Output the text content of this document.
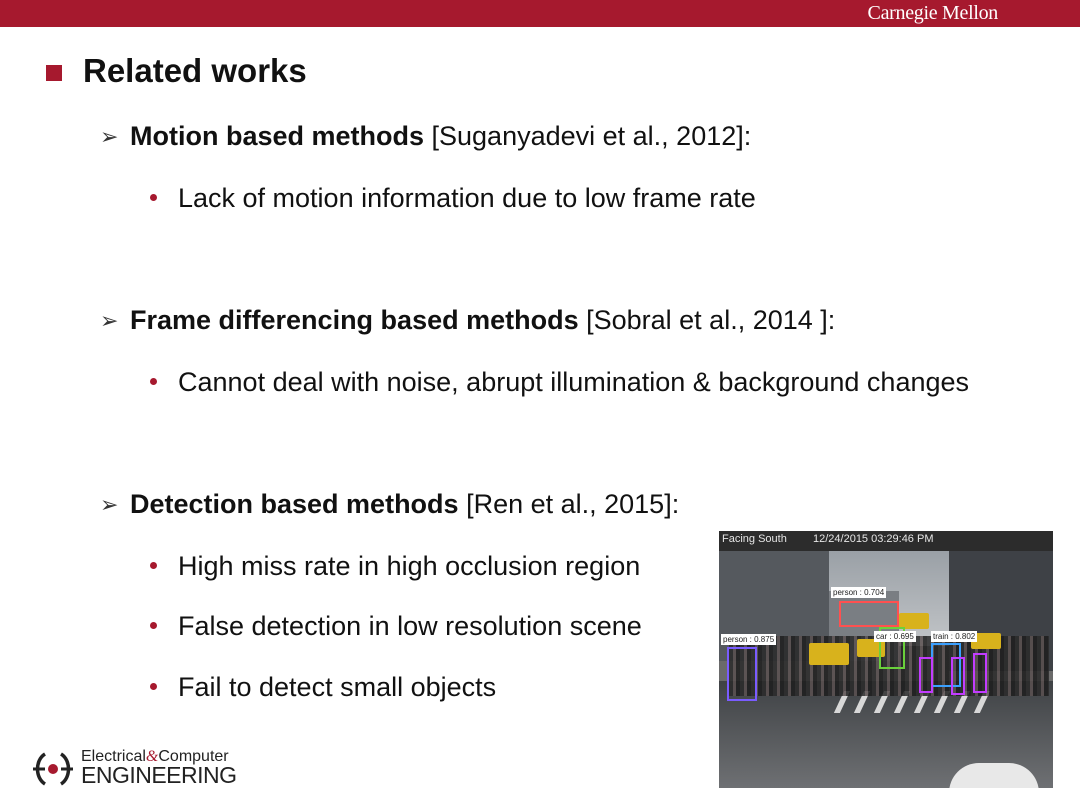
Carnegie Mellon
Related works
➢ Motion based methods [Suganyadevi et al., 2012]:
Lack of motion information due to low frame rate
➢ Frame differencing based methods [Sobral et al., 2014 ]:
Cannot deal with noise, abrupt illumination & background changes
➢ Detection based methods [Ren et al., 2015]:
High miss rate in high occlusion region
False detection in low resolution scene
Fail to detect small objects
person : 0.704
person : 0.875	car : 0.695 train : 0.802
Facing South 12/24/2015 03:29:46 PM
Electrical&Computer
ENGINEERING
